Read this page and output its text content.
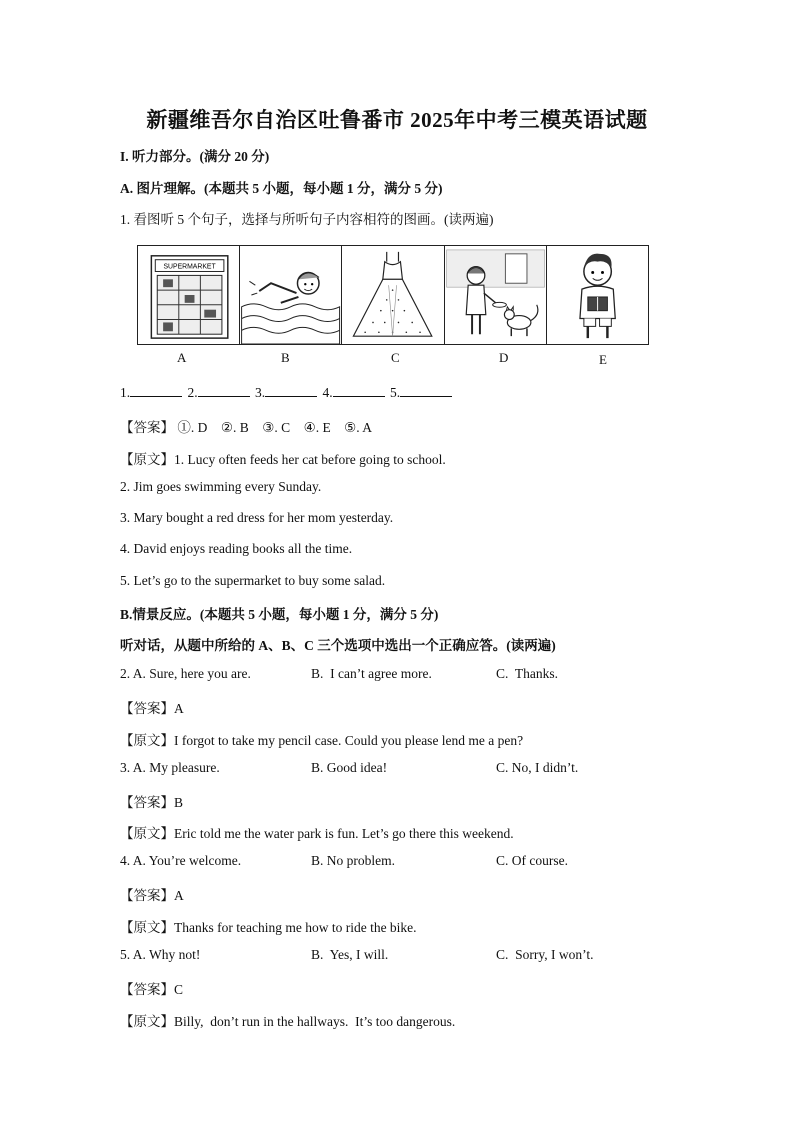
新疆维吾尔自治区吐鲁番市 2025年中考三模英语试题
I. 听力部分。(满分 20 分)
A. 图片理解。(本题共 5 小题，每小题 1 分，满分 5 分)
1. 看图听 5 个句子，选择与所听句子内容相符的图画。(读两遍)
SUPERMARKET
A	B	C	D	E
1.	2.	3.	4.	5.
【答案】 ①. D    ②. B    ③. C    ④. E    ⑤. A
【原文】1. Lucy often feeds her cat before going to school.
2. Jim goes swimming every Sunday.
3. Mary bought a red dress for her mom yesterday.
4. David enjoys reading books all the time.
5. Let’s go to the supermarket to buy some salad.
B.情景反应。(本题共 5 小题，每小题 1 分，满分 5 分)
听对话，从题中所给的 A、B、C 三个选项中选出一个正确应答。(读两遍)
2. A. Sure, here you are.	B.  I can’t agree more.	C.  Thanks.
【答案】A
【原文】I forgot to take my pencil case. Could you please lend me a pen?
3. A. My pleasure.	B. Good idea!	C. No, I didn’t.
【答案】B
【原文】Eric told me the water park is fun. Let’s go there this weekend.
4. A. You’re welcome.	B. No problem.	C. Of course.
【答案】A
【原文】Thanks for teaching me how to ride the bike.
5. A. Why not!	B.  Yes, I will.	C.  Sorry, I won’t.
【答案】C
【原文】Billy,  don’t run in the hallways.  It’s too dangerous.
